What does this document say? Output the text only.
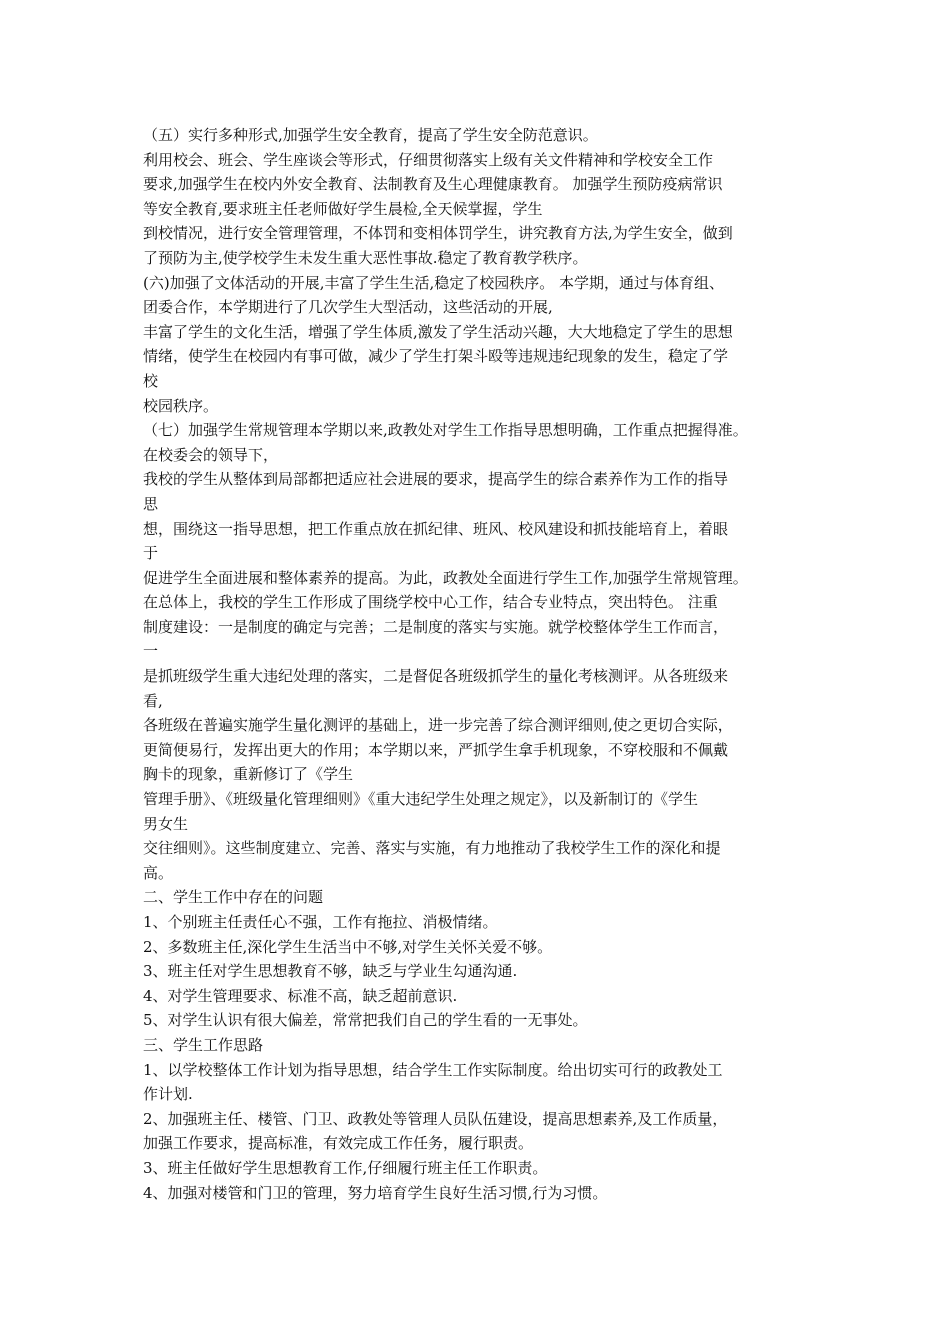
（五）实行多种形式,加强学生安全教育，提高了学生安全防范意识。
利用校会、班会、学生座谈会等形式，仔细贯彻落实上级有关文件精神和学校安全工作
要求,加强学生在校内外安全教育、法制教育及生心理健康教育。 加强学生预防疫病常识
等安全教育,要求班主任老师做好学生晨检,全天候掌握，学生
到校情况，进行安全管理管理，不体罚和变相体罚学生，讲究教育方法,为学生安全，做到
了预防为主,使学校学生未发生重大恶性事故.稳定了教育教学秩序。
(六)加强了文体活动的开展,丰富了学生生活,稳定了校园秩序。 本学期，通过与体育组、
团委合作，本学期进行了几次学生大型活动，这些活动的开展,
丰富了学生的文化生活，增强了学生体质,激发了学生活动兴趣，大大地稳定了学生的思想
情绪，使学生在校园内有事可做，减少了学生打架斗殴等违规违纪现象的发生，稳定了学
校
校园秩序。
（七）加强学生常规管理本学期以来,政教处对学生工作指导思想明确，工作重点把握得准。
在校委会的领导下，
我校的学生从整体到局部都把适应社会进展的要求，提高学生的综合素养作为工作的指导
思
想，围绕这一指导思想，把工作重点放在抓纪律、班风、校风建设和抓技能培育上，着眼
于
促进学生全面进展和整体素养的提高。为此，政教处全面进行学生工作,加强学生常规管理。
在总体上，我校的学生工作形成了围绕学校中心工作，结合专业特点，突出特色。 注重
制度建设：一是制度的确定与完善；二是制度的落实与实施。就学校整体学生工作而言，
一
是抓班级学生重大违纪处理的落实，二是督促各班级抓学生的量化考核测评。从各班级来
看,
各班级在普遍实施学生量化测评的基础上，进一步完善了综合测评细则,使之更切合实际，
更简便易行，发挥出更大的作用；本学期以来，严抓学生拿手机现象，不穿校服和不佩戴
胸卡的现象，重新修订了《学生
管理手册》、《班级量化管理细则》《重大违纪学生处理之规定》，以及新制订的《学生
男女生
交往细则》。这些制度建立、完善、落实与实施，有力地推动了我校学生工作的深化和提
高。
二、学生工作中存在的问题
1、个别班主任责任心不强，工作有拖拉、消极情绪。
2、多数班主任,深化学生生活当中不够,对学生关怀关爱不够。
3、班主任对学生思想教育不够，缺乏与学业生勾通沟通.
4、对学生管理要求、标准不高，缺乏超前意识.
5、对学生认识有很大偏差，常常把我们自己的学生看的一无事处。
三、学生工作思路
1、以学校整体工作计划为指导思想，结合学生工作实际制度。给出切实可行的政教处工
作计划.
2、加强班主任、楼管、门卫、政教处等管理人员队伍建设，提高思想素养,及工作质量，
加强工作要求，提高标准，有效完成工作任务，履行职责。
3、班主任做好学生思想教育工作,仔细履行班主任工作职责。
4、加强对楼管和门卫的管理，努力培育学生良好生活习惯,行为习惯。
